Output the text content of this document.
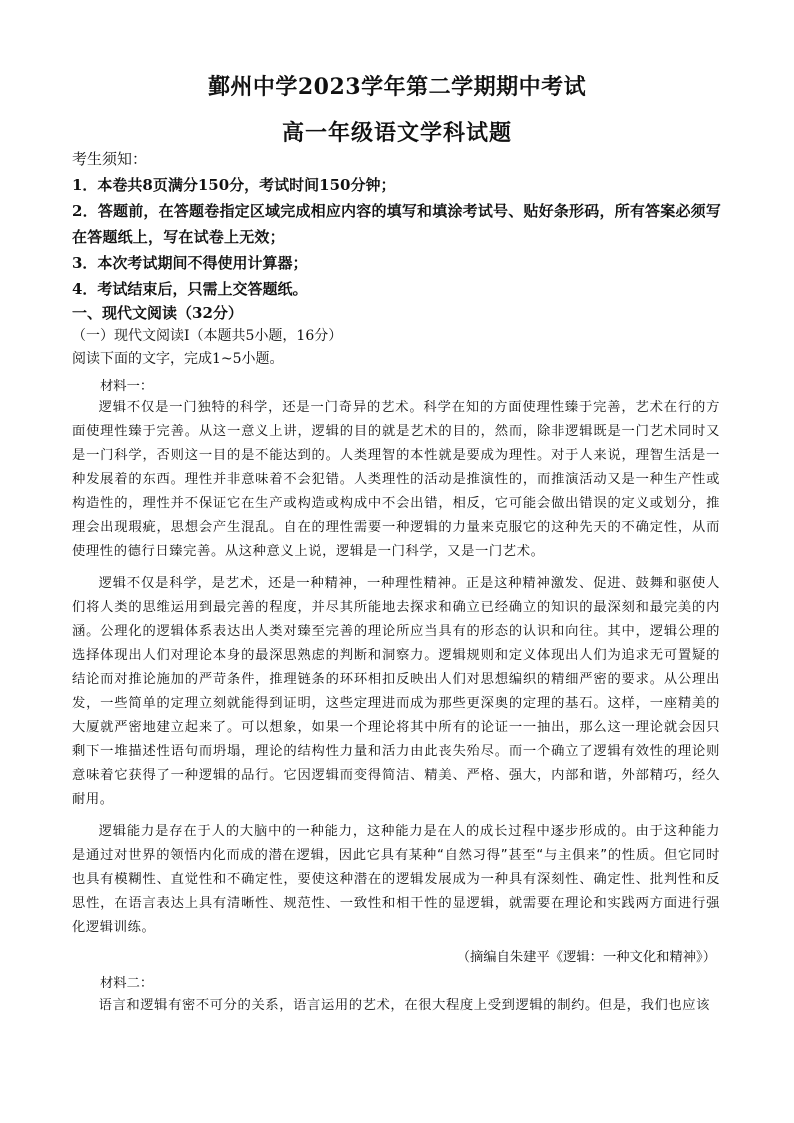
鄞州中学2023学年第二学期期中考试
高一年级语文学科试题
考生须知：
1．本卷共8页满分150分，考试时间150分钟；
2．答题前，在答题卷指定区域完成相应内容的填写和填涂考试号、贴好条形码，所有答案必须写在答题纸上，写在试卷上无效；
3．本次考试期间不得使用计算器；
4．考试结束后，只需上交答题纸。
一、现代文阅读（32分）
（一）现代文阅读Ⅰ（本题共5小题，16分）
阅读下面的文字，完成1~5小题。
材料一：
逻辑不仅是一门独特的科学，还是一门奇异的艺术。科学在知的方面使理性臻于完善，艺术在行的方面使理性臻于完善。从这一意义上讲，逻辑的目的就是艺术的目的，然而，除非逻辑既是一门艺术同时又是一门科学，否则这一目的是不能达到的。人类理智的本性就是要成为理性。对于人来说，理智生活是一种发展着的东西。理性并非意味着不会犯错。人类理性的活动是推演性的，而推演活动又是一种生产性或构造性的，理性并不保证它在生产或构造或构成中不会出错，相反，它可能会做出错误的定义或划分，推理会出现瑕疵，思想会产生混乱。自在的理性需要一种逻辑的力量来克服它的这种先天的不确定性，从而使理性的德行日臻完善。从这种意义上说，逻辑是一门科学，又是一门艺术。
逻辑不仅是科学，是艺术，还是一种精神，一种理性精神。正是这种精神激发、促进、鼓舞和驱使人们将人类的思维运用到最完善的程度，并尽其所能地去探求和确立已经确立的知识的最深刻和最完美的内涵。公理化的逻辑体系表达出人类对臻至完善的理论所应当具有的形态的认识和向往。其中，逻辑公理的选择体现出人们对理论本身的最深思熟虑的判断和洞察力。逻辑规则和定义体现出人们为追求无可置疑的结论而对推论施加的严苛条件，推理链条的环环相扣反映出人们对思想编织的精细严密的要求。从公理出发，一些简单的定理立刻就能得到证明，这些定理进而成为那些更深奥的定理的基石。这样，一座精美的大厦就严密地建立起来了。可以想象，如果一个理论将其中所有的论证一一抽出，那么这一理论就会因只剩下一堆描述性语句而坍塌，理论的结构性力量和活力由此丧失殆尽。而一个确立了逻辑有效性的理论则意味着它获得了一种逻辑的品行。它因逻辑而变得简洁、精美、严格、强大，内部和谐，外部精巧，经久耐用。
逻辑能力是存在于人的大脑中的一种能力，这种能力是在人的成长过程中逐步形成的。由于这种能力是通过对世界的领悟内化而成的潜在逻辑，因此它具有某种“自然习得”甚至“与主俱来”的性质。但它同时也具有模糊性、直觉性和不确定性，要使这种潜在的逻辑发展成为一种具有深刻性、确定性、批判性和反思性，在语言表达上具有清晰性、规范性、一致性和相干性的显逻辑，就需要在理论和实践两方面进行强化逻辑训练。
（摘编自朱建平《逻辑：一种文化和精神》）
材料二：
语言和逻辑有密不可分的关系，语言运用的艺术，在很大程度上受到逻辑的制约。但是，我们也应该
